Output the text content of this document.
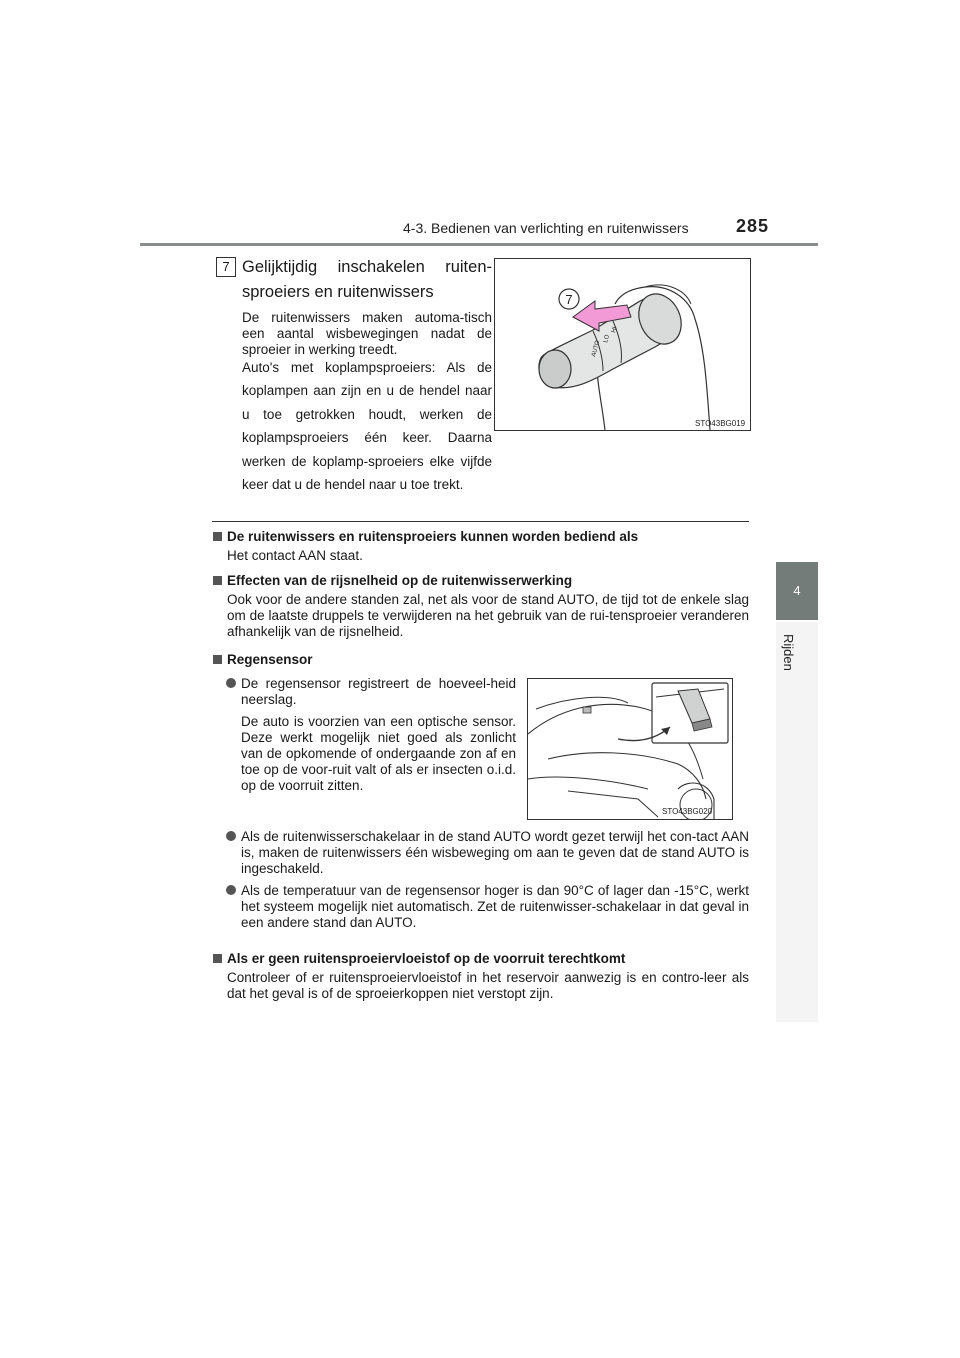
4-3. Bedienen van verlichting en ruitenwissers	285
4
Rijden
7 Gelijktijdig inschakelen ruiten-sproeiers en ruitenwissers
De ruitenwissers maken automa-tisch een aantal wisbewegingen nadat de sproeier in werking treedt.
Auto's met koplampsproeiers: Als de koplampen aan zijn en u de hendel naar u toe getrokken houdt, werken de koplampsproeiers één keer. Daarna werken de koplamp-sproeiers elke vijfde keer dat u de hendel naar u toe trekt.
AUTO
LO
HI
7
STO43BG019
De ruitenwissers en ruitensproeiers kunnen worden bediend als
Het contact AAN staat.
Effecten van de rijsnelheid op de ruitenwisserwerking
Ook voor de andere standen zal, net als voor de stand AUTO, de tijd tot de enkele slag om de laatste druppels te verwijderen na het gebruik van de rui-tensproeier veranderen afhankelijk van de rijsnelheid.
Regensensor
De regensensor registreert de hoeveel-heid neerslag.
De auto is voorzien van een optische sensor. Deze werkt mogelijk niet goed als zonlicht van de opkomende of ondergaande zon af en toe op de voor-ruit valt of als er insecten o.i.d. op de voorruit zitten.
STO43BG020
Als de ruitenwisserschakelaar in de stand AUTO wordt gezet terwijl het con-tact AAN is, maken de ruitenwissers één wisbeweging om aan te geven dat de stand AUTO is ingeschakeld.
Als de temperatuur van de regensensor hoger is dan 90°C of lager dan -15°C, werkt het systeem mogelijk niet automatisch. Zet de ruitenwisser-schakelaar in dat geval in een andere stand dan AUTO.
Als er geen ruitensproeiervloeistof op de voorruit terechtkomt
Controleer of er ruitensproeiervloeistof in het reservoir aanwezig is en contro-leer als dat het geval is of de sproeierkoppen niet verstopt zijn.
